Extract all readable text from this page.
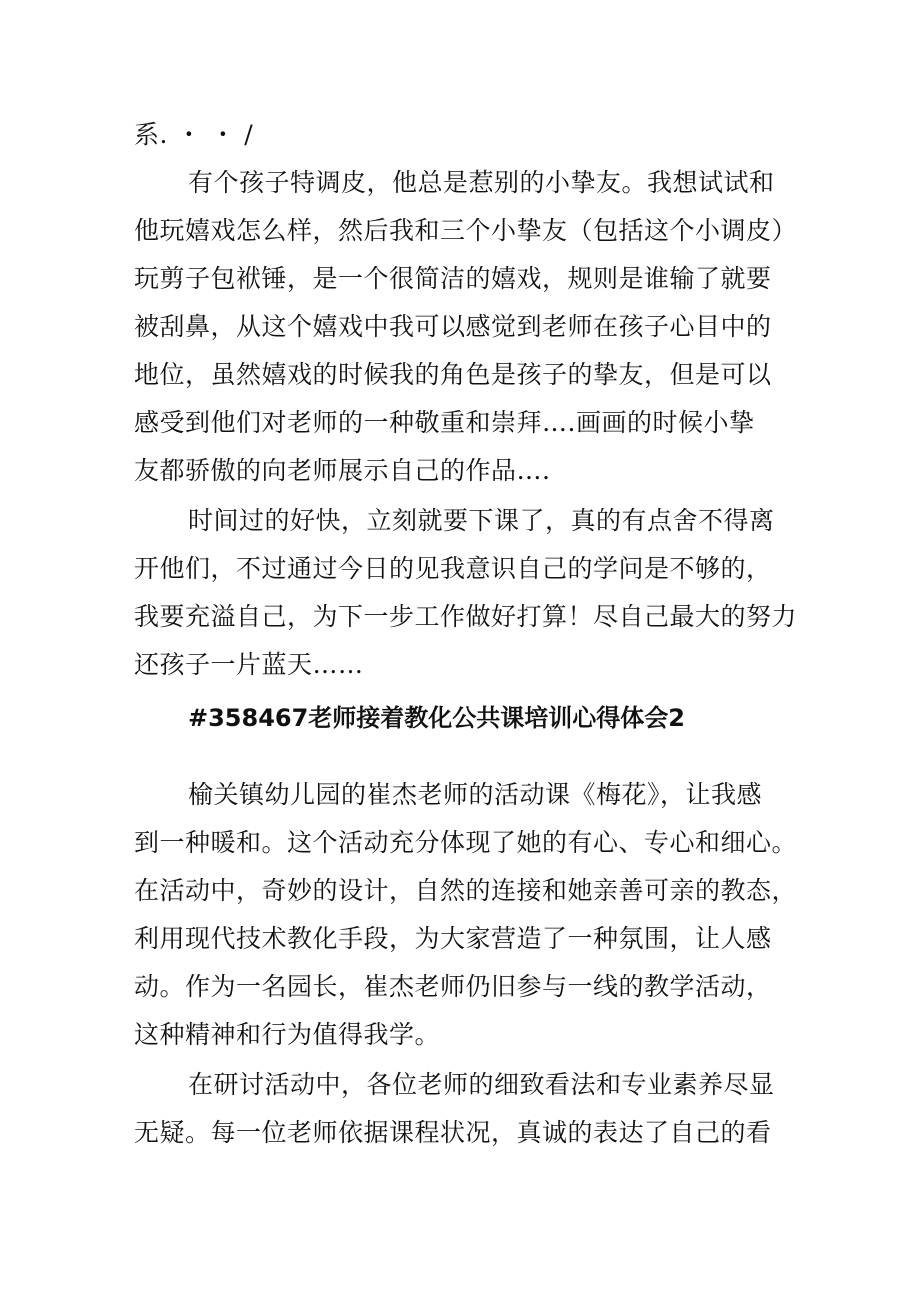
系. ・ ・ /
有个孩子特调皮，他总是惹别的小挚友。我想试试和
他玩嬉戏怎么样，然后我和三个小挚友（包括这个小调皮）
玩剪子包袱锤，是一个很简洁的嬉戏，规则是谁输了就要
被刮鼻，从这个嬉戏中我可以感觉到老师在孩子心目中的
地位，虽然嬉戏的时候我的角色是孩子的挚友，但是可以
感受到他们对老师的一种敬重和崇拜….画画的时候小挚
友都骄傲的向老师展示自己的作品….
时间过的好快，立刻就要下课了，真的有点舍不得离
开他们，不过通过今日的见我意识自己的学问是不够的，
我要充溢自己，为下一步工作做好打算！尽自己最大的努力
还孩子一片蓝天……
#358467老师接着教化公共课培训心得体会2
榆关镇幼儿园的崔杰老师的活动课《梅花》，让我感
到一种暖和。这个活动充分体现了她的有心、专心和细心。
在活动中，奇妙的设计，自然的连接和她亲善可亲的教态，
利用现代技术教化手段，为大家营造了一种氛围，让人感
动。作为一名园长，崔杰老师仍旧参与一线的教学活动，
这种精神和行为值得我学。
在研讨活动中，各位老师的细致看法和专业素养尽显
无疑。每一位老师依据课程状况，真诚的表达了自己的看
